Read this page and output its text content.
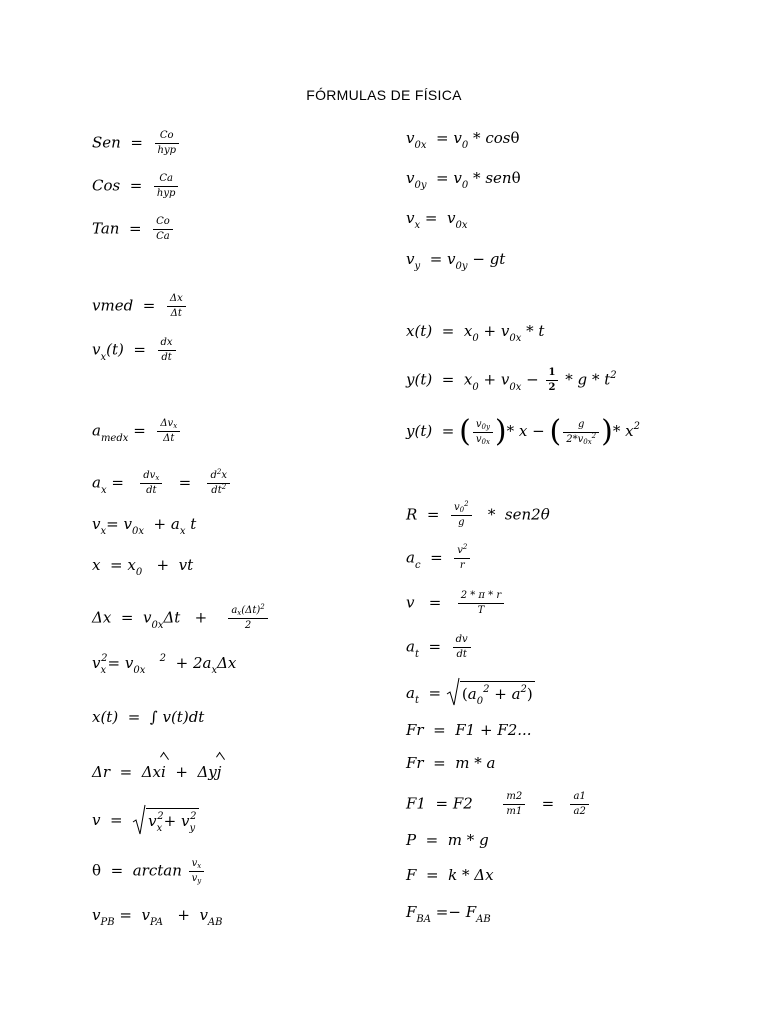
FÓRMULAS DE FÍSICA
Sen = $\frac{Co}{\text{hyp}}$
Cos = $\frac{Ca}{\text{hyp}}$
Tan = $\frac{Co}{Ca}$
vmed = $\frac{\Delta x}{\Delta t}$
$v_x(t) = \frac{dx}{dt}$
$a_{medx} = \frac{\Delta v_x}{\Delta t}$
$a_x = \frac{dv_x}{dt} = \frac{d^2x}{dt^2}$
$v_x= v_{0x} + a_x$ t
$x = x_0$ + vt
$\Delta x = v_{0x}\Delta t + \frac{a_x(\Delta t)^2}{2}$
$v_x^2= v_{0x}$   $^2 + 2a_x\Delta x$
x(t) = ∫ v(t)dt
Δr = Δxi + Δyj
$v = v_x^2+ v_y^2$
$\theta = \arctan \frac{v_x}{v_y}$
$v_{PB} = v_{PA} + v_{AB}$
$v_{0x} = v_0 * \cos\theta$
$v_{0y} = v_0 * sen\theta$
$v_x = v_{0x}$
$v_y = v_{0y}$ − gt
$x(t) = x_0 + v_{0x} * t$
$y(t) = x_0 + v_{0x} - \frac{1}{2} * g * t^2$
y(t) = ( $\frac{v_{0y}}{v_{0x}}$ )* x − ( $\frac{g}{2*v_{0x}^2}$ )* $x^2$
$R = \frac{v_0^2}{g} * sen2\theta$
$a_c = \frac{v^2}{r}$
$v = \frac{2 * \pi * r}{T}$
$a_t = \frac{dv}{dt}$
$a_t = (a_0^2 + a^2)$
Fr = F1 + F2...
Fr = m * a
F1 = F2	$\frac{m2}{m1} = \frac{a1}{a2}$
P = m * g
F = k * Δx
$F_{BA} =- F_{AB}$
